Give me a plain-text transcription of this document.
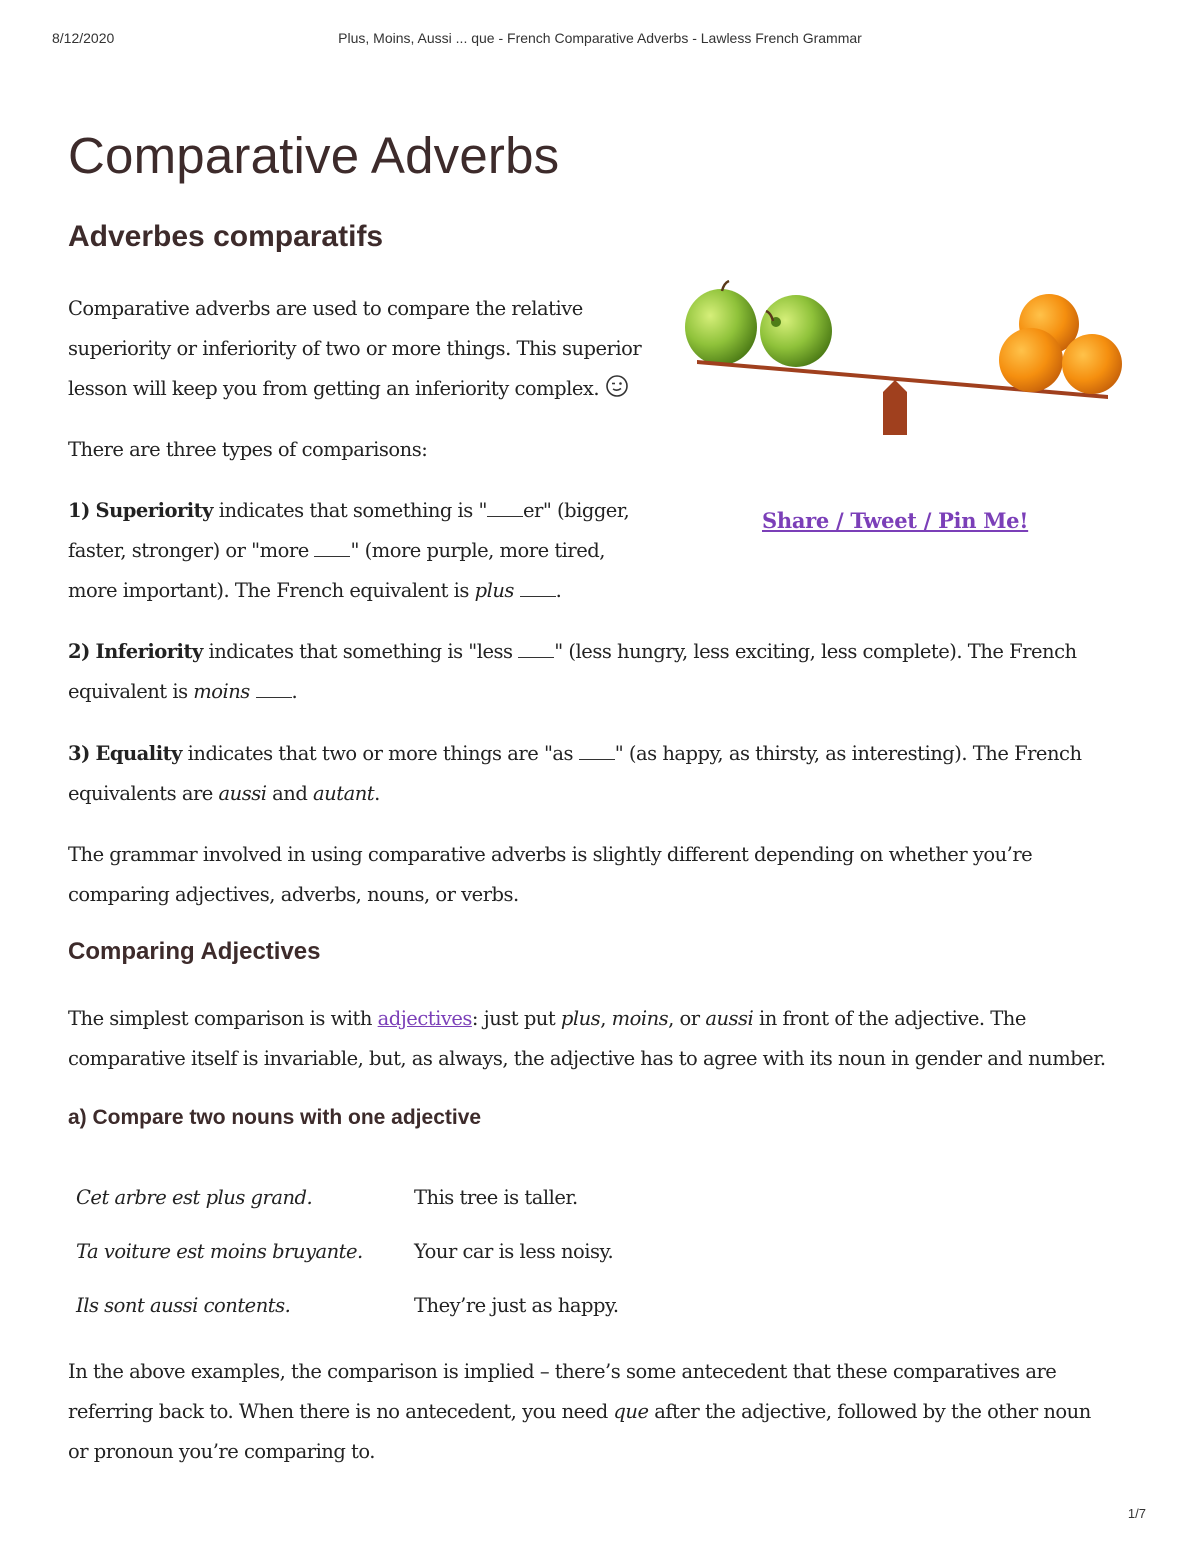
8/12/2020	Plus, Moins, Aussi ... que - French Comparative Adverbs - Lawless French Grammar
Comparative Adverbs
Adverbes comparatifs

Comparative adverbs are used to compare the relative
superiority or inferiority of two or more things. This superior
lesson will keep you from getting an inferiority complex.

There are three types of comparisons:

1) Superiority indicates that something is " er" (bigger,
faster, stronger) or "more " (more purple, more tired,
more important). The French equivalent is plus .

2) Inferiority indicates that something is "less " (less hungry, less exciting, less complete). The French
equivalent is moins .

3) Equality indicates that two or more things are "as " (as happy, as thirsty, as interesting). The French
equivalents are aussi and autant.

The grammar involved in using comparative adverbs is slightly different depending on whether you’re
comparing adjectives, adverbs, nouns, or verbs.

Comparing Adjectives

The simplest comparison is with adjectives: just put plus, moins, or aussi in front of the adjective. The
comparative itself is invariable, but, as always, the adjective has to agree with its noun in gender and number.

a) Compare two nouns with one adjective
Cet arbre est plus grand.	This tree is taller.
Ta voiture est moins bruyante.	Your car is less noisy.
Ils sont aussi contents.	They’re just as happy.

In the above examples, the comparison is implied – there’s some antecedent that these comparatives are
referring back to. When there is no antecedent, you need que after the adjective, followed by the other noun
or pronoun you’re comparing to.

Share / Tweet / Pin Me!
1/7
